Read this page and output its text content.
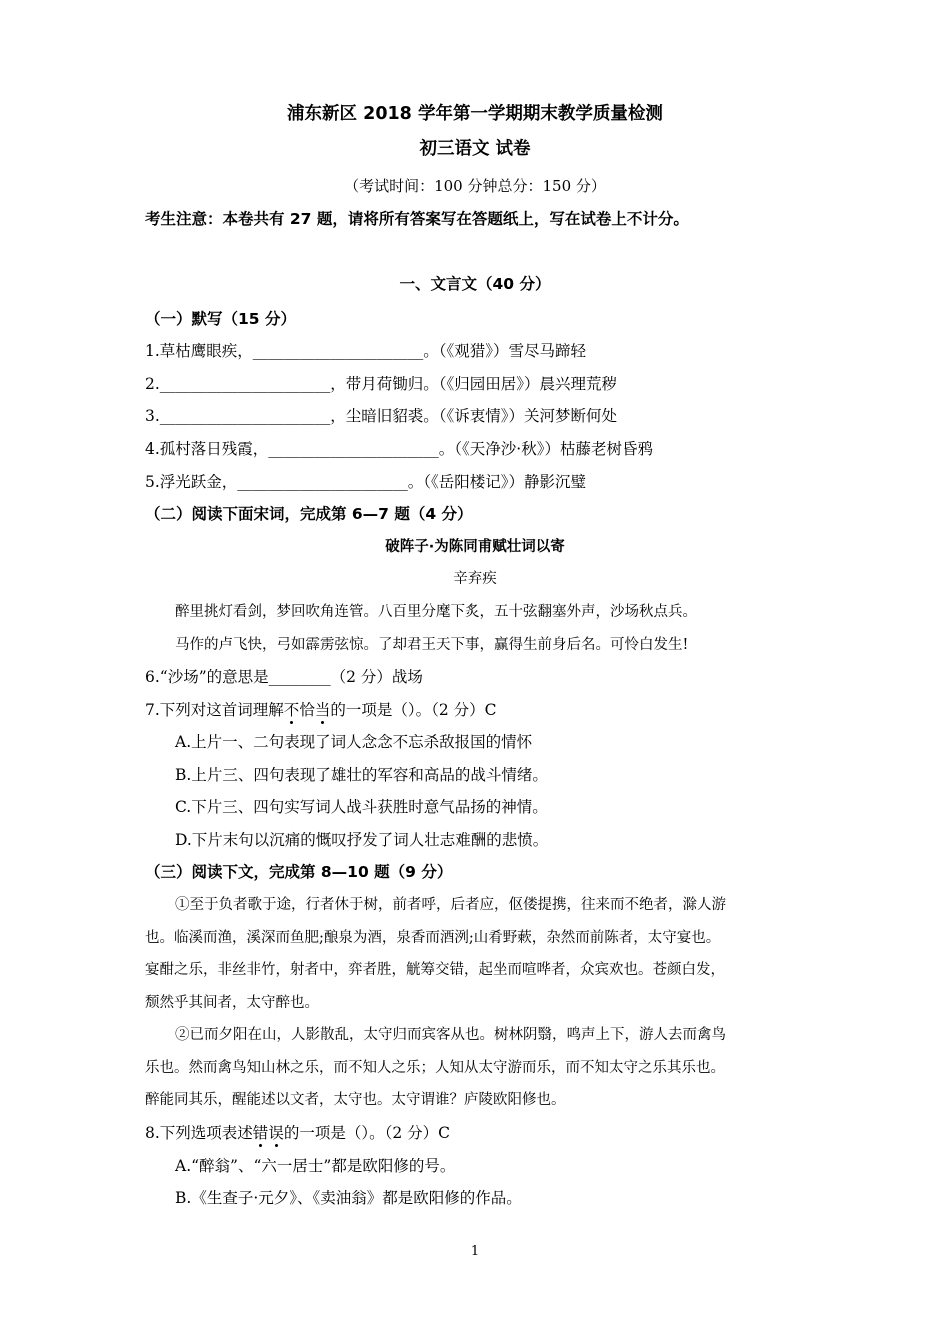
浦东新区 2018 学年第一学期期末教学质量检测
初三语文 试卷
（考试时间：100 分钟总分：150 分）
考生注意：本卷共有 27 题，请将所有答案写在答题纸上，写在试卷上不计分。
一、文言文（40 分）
（一）默写（15 分）
1.草枯鹰眼疾，______________________。（《观猎》）雪尽马蹄轻
2.______________________，带月荷锄归。（《归园田居》）晨兴理荒秽
3.______________________，尘暗旧貂裘。（《诉衷情》）关河梦断何处
4.孤村落日残霞，______________________。（《天净沙·秋》）枯藤老树昏鸦
5.浮光跃金，______________________。（《岳阳楼记》）静影沉璧
（二）阅读下面宋词，完成第 6—7 题（4 分）
破阵子·为陈同甫赋壮词以寄
辛弃疾
醉里挑灯看剑，梦回吹角连管。八百里分麾下炙，五十弦翻塞外声，沙场秋点兵。
马作的卢飞快，弓如霹雳弦惊。了却君王天下事，赢得生前身后名。可怜白发生!
6.“沙场”的意思是________（2 分）战场
7.下列对这首词理解不恰当的一项是（）。（2 分）C
A.上片一、二句表现了词人念念不忘杀敌报国的情怀
B.上片三、四句表现了雄壮的军容和高品的战斗情绪。
C.下片三、四句实写词人战斗获胜时意气品扬的神情。
D.下片末句以沉痛的慨叹抒发了词人壮志难酬的悲愤。
（三）阅读下文，完成第 8—10 题（9 分）
①至于负者歌于途，行者休于树，前者呼，后者应，伛偻提携，往来而不绝者，滁人游
也。临溪而渔，溪深而鱼肥;酿泉为酒，泉香而酒洌;山肴野蔌，杂然而前陈者，太守宴也。
宴酣之乐，非丝非竹，射者中，弈者胜，觥筹交错，起坐而喧哗者，众宾欢也。苍颜白发，
颓然乎其间者，太守醉也。
②已而夕阳在山，人影散乱，太守归而宾客从也。树林阴翳，鸣声上下，游人去而禽鸟
乐也。然而禽鸟知山林之乐，而不知人之乐；人知从太守游而乐，而不知太守之乐其乐也。
醉能同其乐，醒能述以文者，太守也。太守谓谁？庐陵欧阳修也。
8.下列选项表述错误的一项是（）。（2 分）C
A.“醉翁”、“六一居士”都是欧阳修的号。
B.《生查子·元夕》、《卖油翁》都是欧阳修的作品。
1
